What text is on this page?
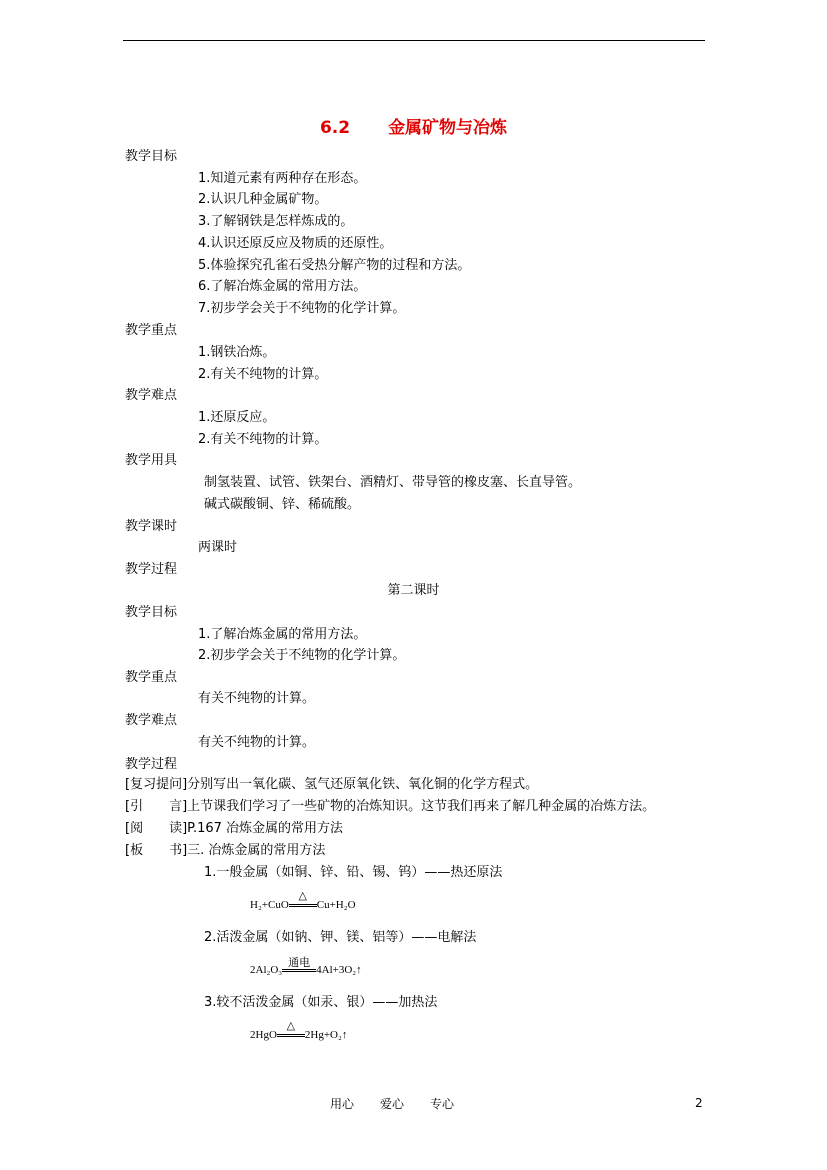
6.2 金属矿物与冶炼
教学目标
1.知道元素有两种存在形态。
2.认识几种金属矿物。
3.了解钢铁是怎样炼成的。
4.认识还原反应及物质的还原性。
5.体验探究孔雀石受热分解产物的过程和方法。
6.了解冶炼金属的常用方法。
7.初步学会关于不纯物的化学计算。
教学重点
1.钢铁冶炼。
2.有关不纯物的计算。
教学难点
1.还原反应。
2.有关不纯物的计算。
教学用具
制氢装置、试管、铁架台、酒精灯、带导管的橡皮塞、长直导管。
碱式碳酸铜、锌、稀硫酸。
教学课时
两课时
教学过程
第二课时
教学目标
1.了解冶炼金属的常用方法。
2.初步学会关于不纯物的化学计算。
教学重点
有关不纯物的计算。
教学难点
有关不纯物的计算。
教学过程
[复习提问]分别写出一氧化碳、氢气还原氧化铁、氧化铜的化学方程式。
[引　　言]上节课我们学习了一些矿物的冶炼知识。这节我们再来了解几种金属的冶炼方法。
[阅　　读]P.167 冶炼金属的常用方法
[板　　书]三. 冶炼金属的常用方法
1.一般金属（如铜、锌、铅、锡、钨）——热还原法
H₂+CuO
△
Cu+H₂O
2.活泼金属（如钠、钾、镁、铝等）——电解法
2Al₂O₃
通电
4Al+3O₂↑
3.较不活泼金属（如汞、银）——加热法
2HgO
△
2Hg+O₂↑
用心 爱心 专心	2
